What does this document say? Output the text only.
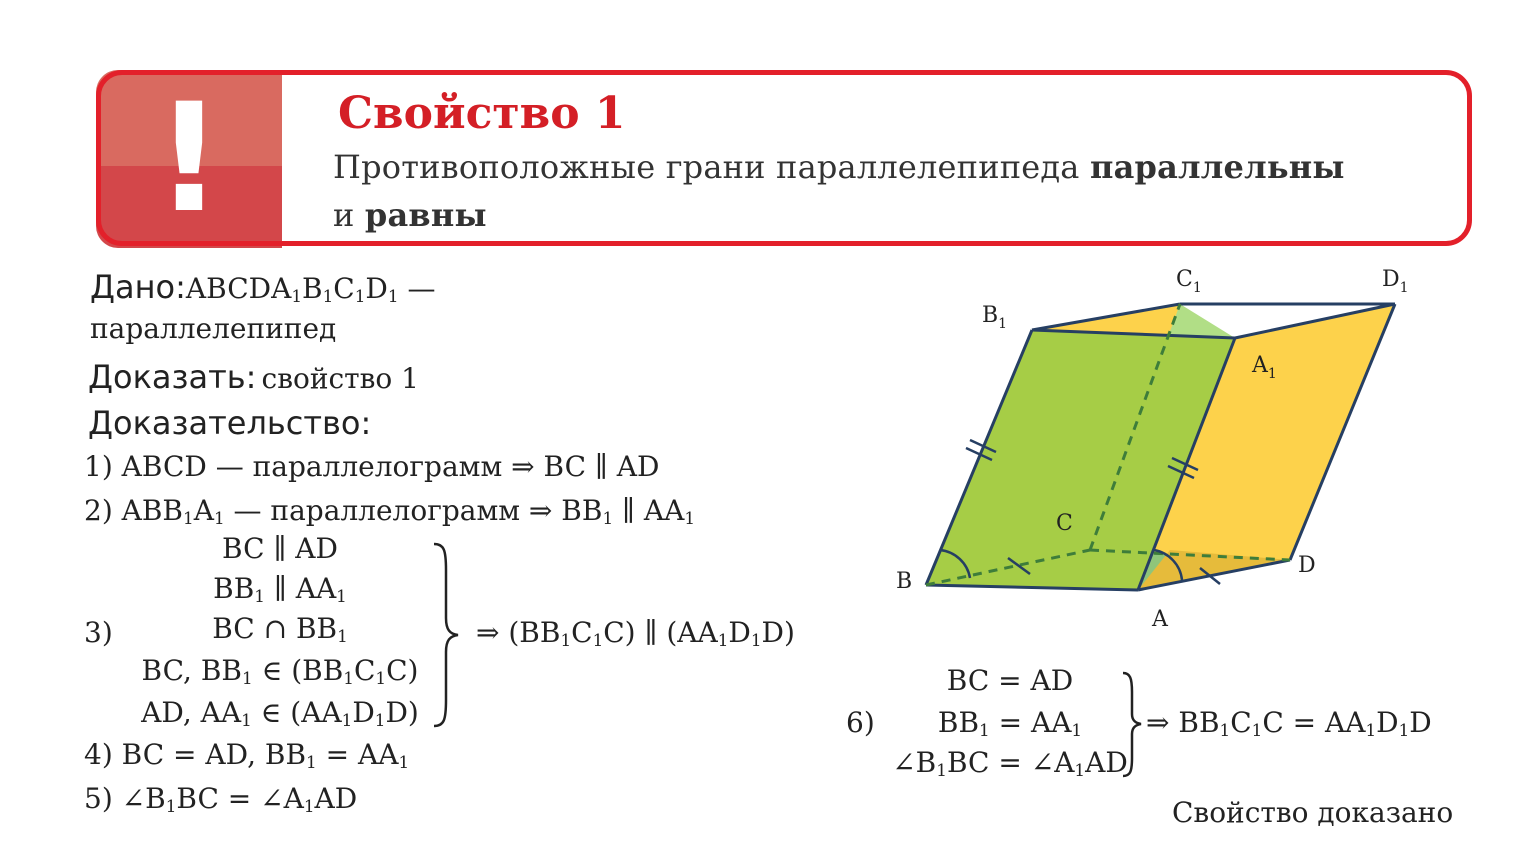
!	Свойство 1
Противоположные грани параллелепипеда параллельны
и равны
$Дано:ABCDA_1B_1C_1D_1$ —
параллелепипед
Доказать: свойство 1
Доказательство:
1) ABCD — параллелограмм ⇒ BC ∥ AD
2) $ABB_1A_1$ — параллелограмм ⇒ $BB_1$ ∥ $AA_1$
3)
BC ∥ AD
$BB_1$ ∥ $AA_1$
BC ∩ $BB_1$
BC, $BB_1$ ∈ $(BB_1C_1C)$
AD, $AA_1$ ∈ $(AA_1D_1D)$
⇒ $(BB_1C_1C)$ ∥ $(AA_1D_1D)$
4) BC = AD, $BB_1 = AA_1$
5) $\angle B_1BC$ = $\angle A_1AD$
6)
BC = AD
$BB_1 = AA_1$
$\angle B_1BC$ = $\angle A_1AD$
⇒ $BB_1C_1C = AA_1D_1D$
Свойство доказано
$B_1$
$C_1$	$D_1$
$A_1$
C
B
D
A
